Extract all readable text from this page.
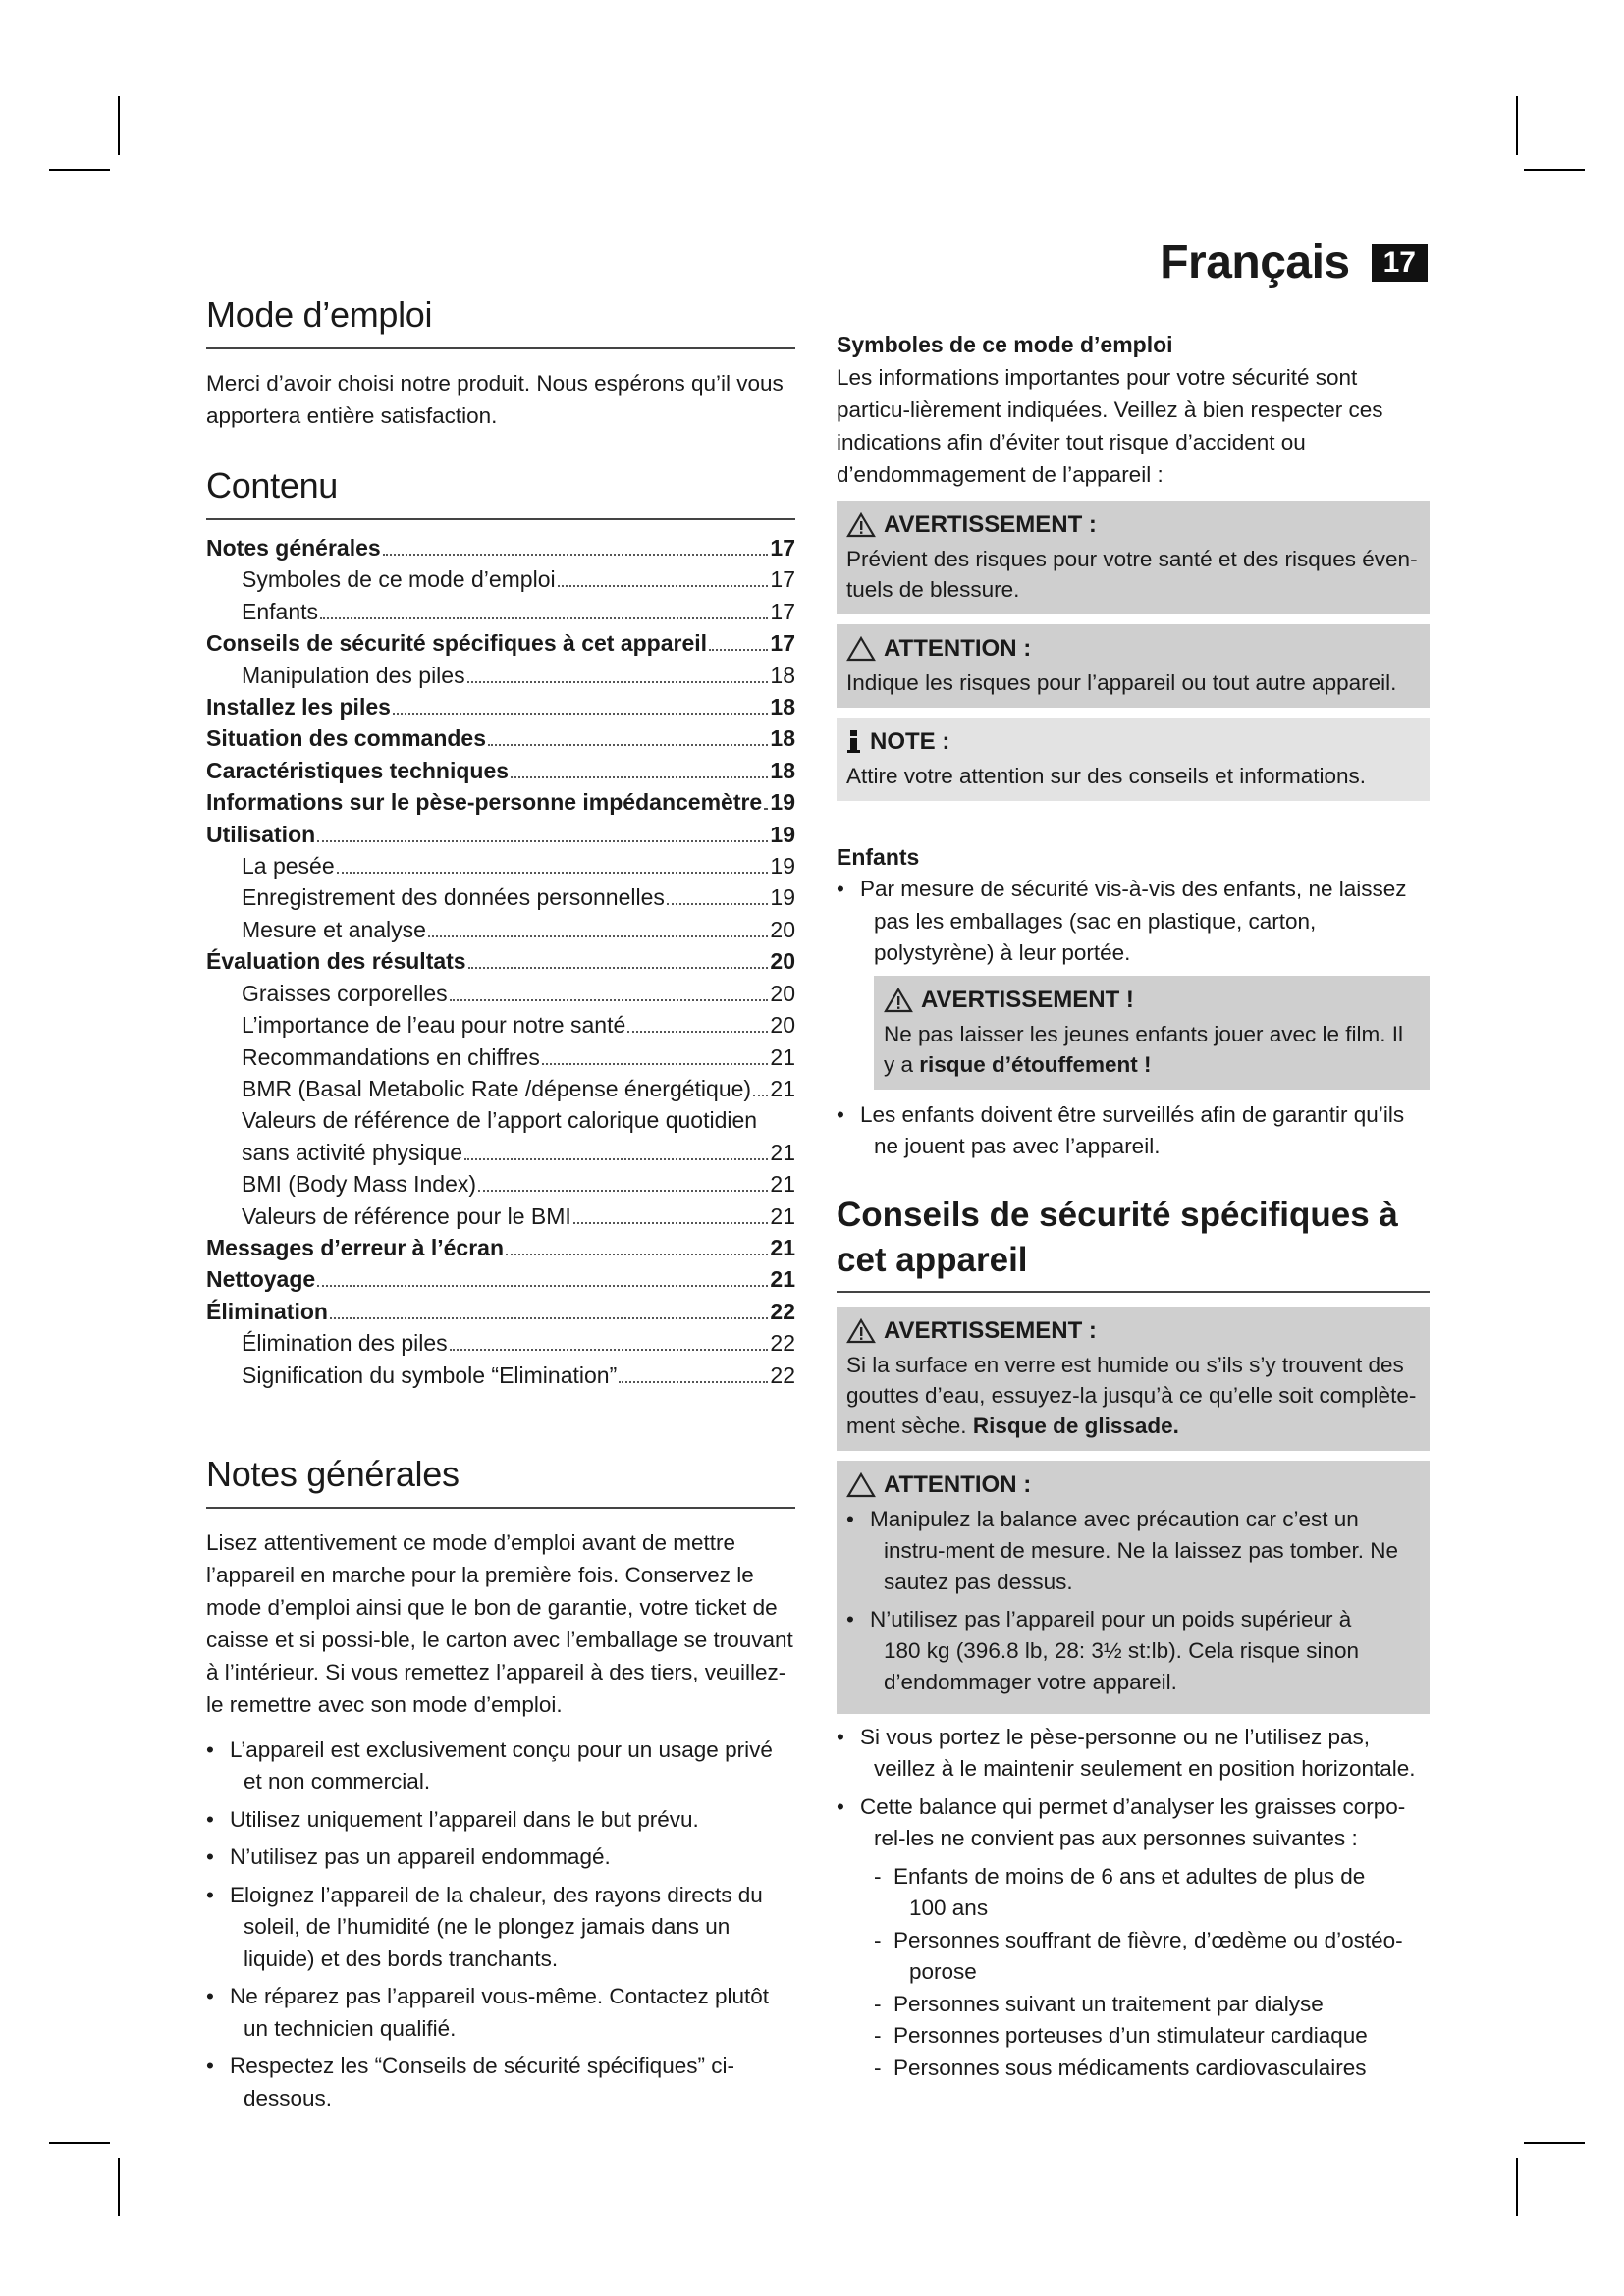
Français	17
Mode d’emploi

Merci d’avoir choisi notre produit. Nous espérons qu’il vous apportera entière satisfaction.

Contenu
Notes générales	17
Symboles de ce mode d’emploi	17
Enfants	17
Conseils de sécurité spécifiques à cet appareil	17
Manipulation des piles	18
Installez les piles	18
Situation des commandes	18
Caractéristiques techniques	18
Informations sur le pèse-personne impédancemètre 19
Utilisation	19
La pesée	19
Enregistrement des données personnelles	19
Mesure et analyse	20
Évaluation des résultats	20
Graisses corporelles	20
L’importance de l’eau pour notre santé	20
Recommandations en chiffres	21
BMR (Basal Metabolic Rate /dépense énergétique) 21
Valeurs de référence de l’apport calorique quotidien
sans activité physique	21
BMI (Body Mass Index)	21
Valeurs de référence pour le BMI	21
Messages d’erreur à l’écran	21
Nettoyage	21
Élimination	22
Élimination des piles	22
Signification du symbole “Elimination”	22
Notes générales

Lisez attentivement ce mode d’emploi avant de mettre l’appareil en marche pour la première fois. Conservez le mode d’emploi ainsi que le bon de garantie, votre ticket de caisse et si possi-ble, le carton avec l’emballage se trouvant à l’intérieur. Si vous remettez l’appareil à des tiers, veuillez-le remettre avec son mode d’emploi.

• L’appareil est exclusivement conçu pour un usage privé
et non commercial.
• Utilisez uniquement l’appareil dans le but prévu.
• N’utilisez pas un appareil endommagé.
• Eloignez l’appareil de la chaleur, des rayons directs du
soleil, de l’humidité (ne le plongez jamais dans un liquide) et des bords tranchants.
• Ne réparez pas l’appareil vous-même. Contactez plutôt
un technicien qualifié.
• Respectez les “Conseils de sécurité spécifiques” ci-
dessous.
Symboles de ce mode d’emploi

Les informations importantes pour votre sécurité sont particu-lièrement indiquées. Veillez à bien respecter ces indications afin d’éviter tout risque d’accident ou d’endommagement de l’appareil :

AVERTISSEMENT :

Prévient des risques pour votre santé et des risques éven-tuels de blessure.

ATTENTION :

Indique les risques pour l’appareil ou tout autre appareil.

NOTE :

Attire votre attention sur des conseils et informations.

Enfants
• Par mesure de sécurité vis-à-vis des enfants, ne laissez
pas les emballages (sac en plastique, carton, polystyrène) à leur portée.
AVERTISSEMENT !

Ne pas laisser les jeunes enfants jouer avec le film. Il y a risque d’étouffement !

• Les enfants doivent être surveillés afin de garantir qu’ils
ne jouent pas avec l’appareil.
Conseils de sécurité spécifiques à cet appareil
AVERTISSEMENT :

Si la surface en verre est humide ou s’ils s’y trouvent des gouttes d’eau, essuyez-la jusqu’à ce qu’elle soit complète-ment sèche. Risque de glissade.

ATTENTION :
• Manipulez la balance avec précaution car c’est un
instru-ment de mesure. Ne la laissez pas tomber. Ne sautez pas dessus.
• N’utilisez pas l’appareil pour un poids supérieur à
180 kg (396.8 lb, 28: 3½ st:lb). Cela risque sinon d’endommager votre appareil.
• Si vous portez le pèse-personne ou ne l’utilisez pas,
veillez à le maintenir seulement en position horizontale.
• Cette balance qui permet d’analyser les graisses corpo-
rel-les ne convient pas aux personnes suivantes :
- Enfants de moins de 6 ans et adultes de plus de
100 ans
- Personnes souffrant de fièvre, d’œdème ou d’ostéo-
porose
- Personnes suivant un traitement par dialyse
- Personnes porteuses d’un stimulateur cardiaque
- Personnes sous médicaments cardiovasculaires
